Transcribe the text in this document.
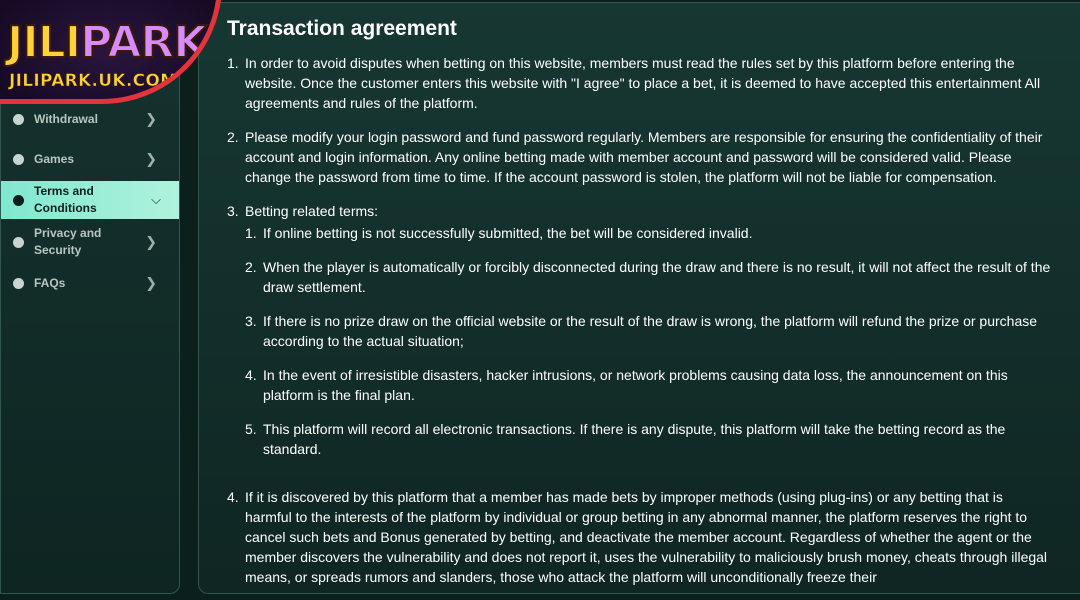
Withdrawal	❯
Games	❯
Terms and Conditions
⌵
Privacy and Security
❯
FAQs	❯
JILIPARK
JILIPARK.UK.COM
Transaction agreement
1. In order to avoid disputes when betting on this website, members must read the rules set by this platform before entering the website. Once the customer enters this website with "I agree" to place a bet, it is deemed to have accepted this entertainment All agreements and rules of the platform.
2. Please modify your login password and fund password regularly. Members are responsible for ensuring the confidentiality of their account and login information. Any online betting made with member account and password will be considered valid. Please change the password from time to time. If the account password is stolen, the platform will not be liable for compensation.
3. Betting related terms:
1. If online betting is not successfully submitted, the bet will be considered invalid.
2. When the player is automatically or forcibly disconnected during the draw and there is no result, it will not affect the result of the draw settlement.
3. If there is no prize draw on the official website or the result of the draw is wrong, the platform will refund the prize or purchase according to the actual situation;
4. In the event of irresistible disasters, hacker intrusions, or network problems causing data loss, the announcement on this platform is the final plan.
5. This platform will record all electronic transactions. If there is any dispute, this platform will take the betting record as the standard.
4. If it is discovered by this platform that a member has made bets by improper methods (using plug-ins) or any betting that is harmful to the interests of the platform by individual or group betting in any abnormal manner, the platform reserves the right to cancel such bets and Bonus generated by betting, and deactivate the member account. Regardless of whether the agent or the member discovers the vulnerability and does not report it, uses the vulnerability to maliciously brush money, cheats through illegal means, or spreads rumors and slanders, those who attack the platform will unconditionally freeze their
